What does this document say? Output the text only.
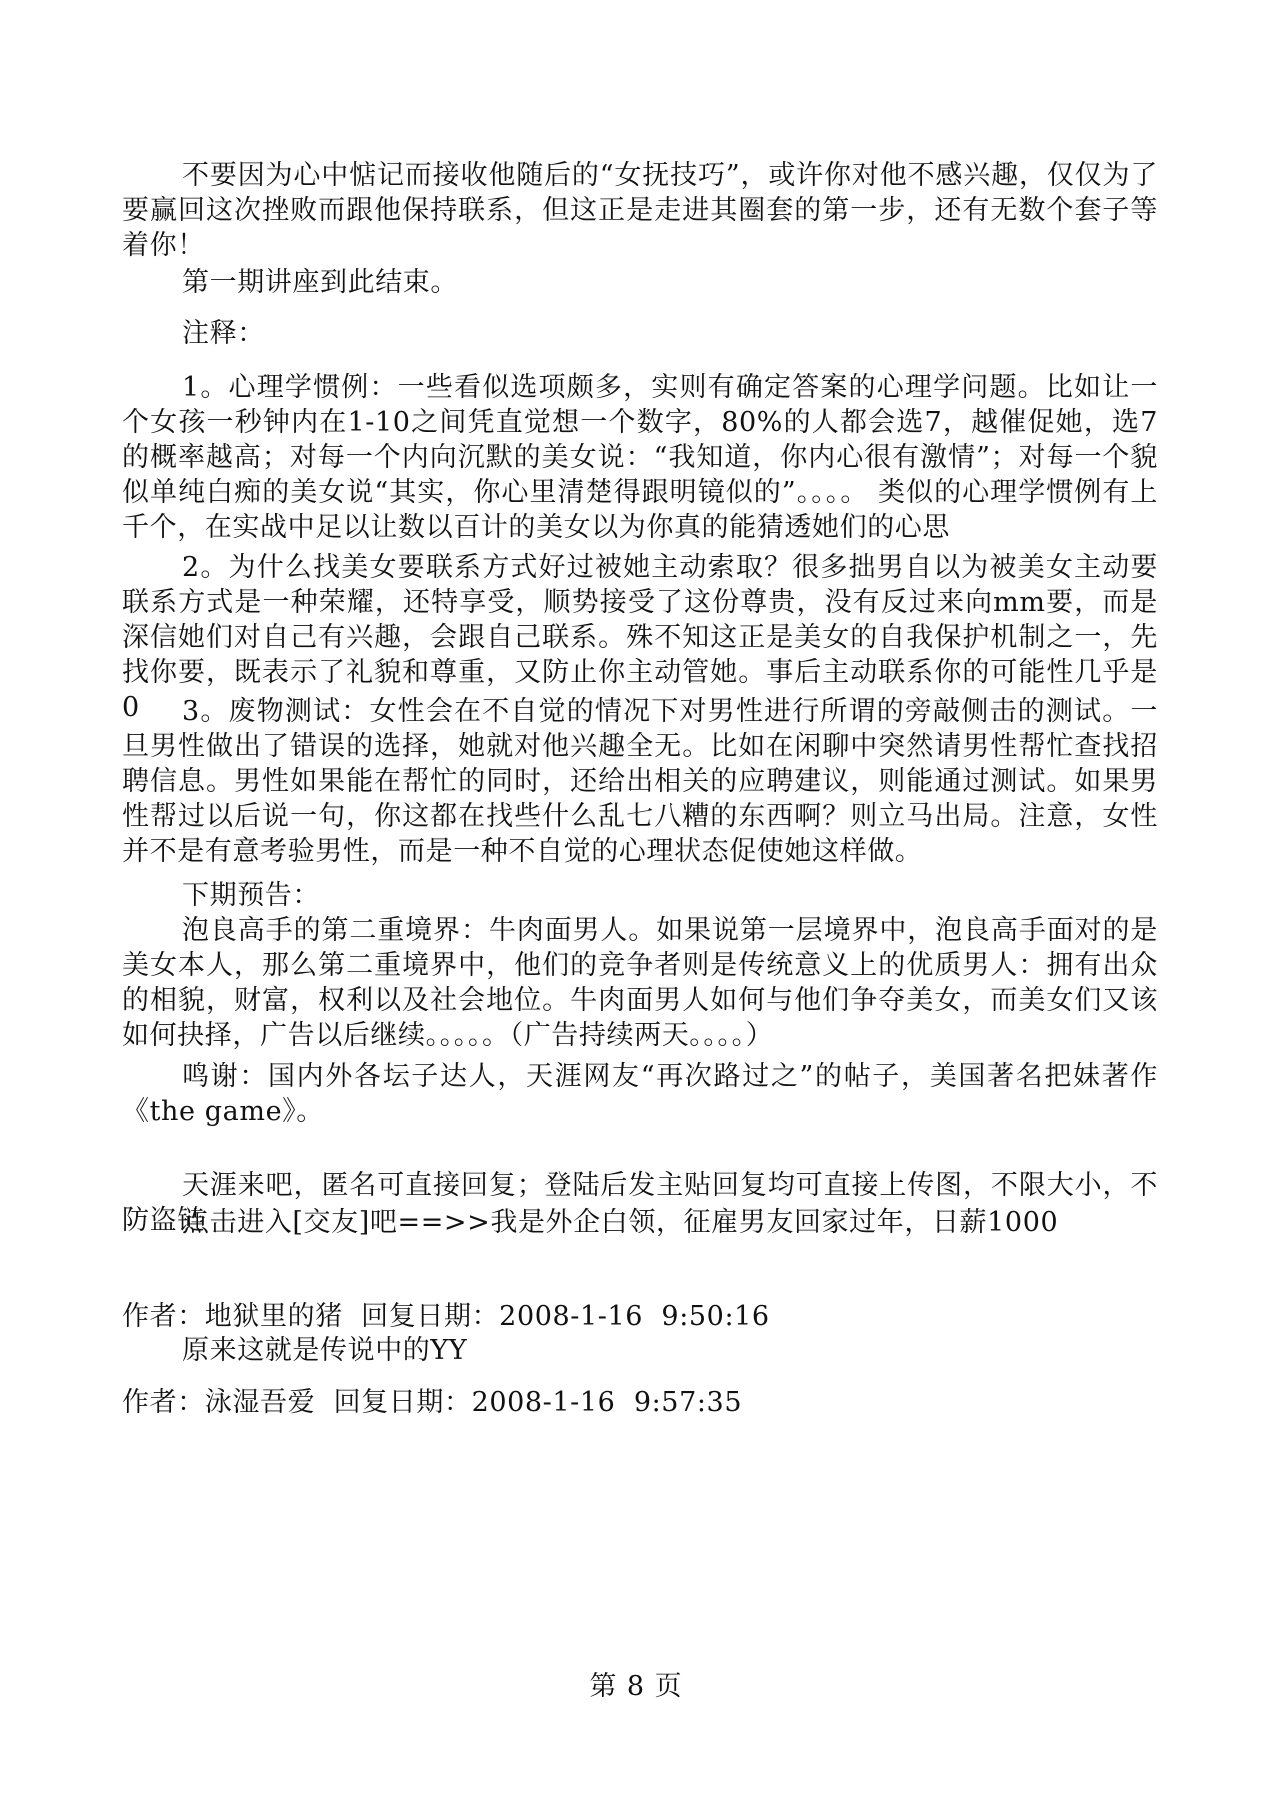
不要因为心中惦记而接收他随后的“女抚技巧”，或许你对他不感兴趣，仅仅为了要赢回这次挫败而跟他保持联系，但这正是走进其圈套的第一步，还有无数个套子等着你！

第一期讲座到此结束。

注释：

1。心理学惯例：一些看似选项颇多，实则有确定答案的心理学问题。比如让一个女孩一秒钟内在1-10之间凭直觉想一个数字，80%的人都会选7，越催促她，选7的概率越高；对每一个内向沉默的美女说：“我知道，你内心很有激情”；对每一个貌似单纯白痴的美女说“其实，你心里清楚得跟明镜似的”。。。。 类似的心理学惯例有上千个，在实战中足以让数以百计的美女以为你真的能猜透她们的心思

2。为什么找美女要联系方式好过被她主动索取？很多拙男自以为被美女主动要联系方式是一种荣耀，还特享受，顺势接受了这份尊贵，没有反过来向mm要，而是深信她们对自己有兴趣，会跟自己联系。殊不知这正是美女的自我保护机制之一，先找你要，既表示了礼貌和尊重，又防止你主动管她。事后主动联系你的可能性几乎是0	3。废物测试：女性会在不自觉的情况下对男性进行所谓的旁敲侧击的测试。一旦男性做出了错误的选择，她就对他兴趣全无。比如在闲聊中突然请男性帮忙查找招聘信息。男性如果能在帮忙的同时，还给出相关的应聘建议，则能通过测试。如果男性帮过以后说一句，你这都在找些什么乱七八糟的东西啊？则立马出局。注意，女性并不是有意考验男性，而是一种不自觉的心理状态促使她这样做。

下期预告：

泡良高手的第二重境界：牛肉面男人。如果说第一层境界中，泡良高手面对的是美女本人，那么第二重境界中，他们的竞争者则是传统意义上的优质男人：拥有出众的相貌，财富，权利以及社会地位。牛肉面男人如何与他们争夺美女，而美女们又该如何抉择，广告以后继续。。。。。（广告持续两天。。。。）

鸣谢：国内外各坛子达人，天涯网友“再次路过之”的帖子，美国著名把妹著作《the game》。

天涯来吧，匿名可直接回复；登陆后发主贴回复均可直接上传图，不限大小，不防盗链

点击进入[交友]吧==>>我是外企白领，征雇男友回家过年，日薪1000

作者：地狱里的猪  回复日期：2008-1-16  9:50:16

原来这就是传说中的YY

作者：泳湿吾爱  回复日期：2008-1-16  9:57:35

第 8 页
